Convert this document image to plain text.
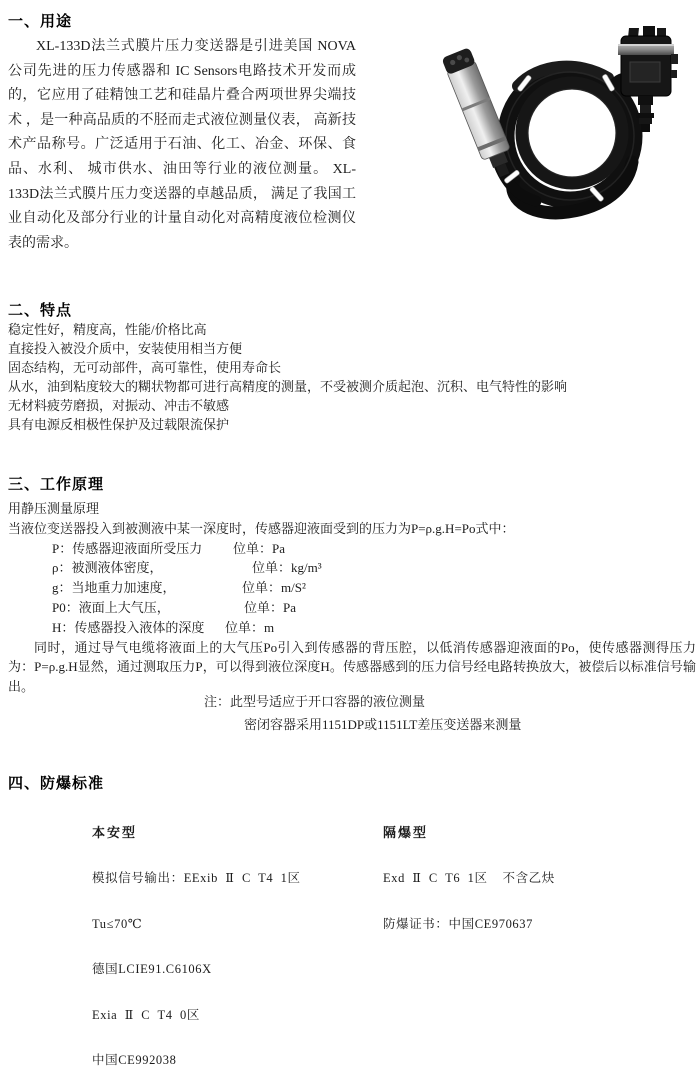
一、用途

XL-133D法兰式膜片压力变送器是引进美国 NOVA 公司先进的压力传感器和 IC Sensors电路技术开发而成的，它应用了硅精蚀工艺和硅晶片叠合两项世界尖端技术 ，是一种高品质的不胫而走式液位测量仪表， 高新技术产品称号。广泛适用于石油、化工、冶金、环保、食品、水利、 城市供水、油田等行业的液位测量。 XL-133D法兰式膜片压力变送器的卓越品质， 满足了我国工业自动化及部分行业的计量自动化对高精度液位检测仪表的需求。

二、特点
稳定性好，精度高，性能/价格比高
直接投入被没介质中，安装使用相当方便
固态结构，无可动部件，高可靠性，使用寿命长
从水，油到粘度较大的糊状物都可进行高精度的测量，不受被测介质起泡、沉积、电气特性的影响
无材料疲劳磨损，对振动、冲击不敏感
具有电源反相极性保护及过载限流保护
三、工作原理
用静压测量原理
当液位变送器投入到被测液中某一深度时，传感器迎液面受到的压力为P=ρ.g.H=Po式中：
P：传感器迎液面所受压力 位单：Pa
ρ：被测液体密度，	位单：kg/m³
g：当地重力加速度，	位单：m/S²
P0：液面上大气压，	位单：Pa
H：传感器投入液体的深度 位单：m
同时，通过导气电缆将液面上的大气压Po引入到传感器的背压腔，以低消传感器迎液面的Po，使传感器测得压力为：P=ρ.g.H显然，通过测取压力P，可以得到液位深度H。传感器感到的压力信号经电路转换放大，被偿后以标准信号输出。
注：此型号适应于开口容器的液位测量
密闭容器采用1151DP或1151LT差压变送器来测量
四、防爆标准

本安型

模拟信号输出：EExib  Ⅱ  C  T4  1区

Tu≤70℃

德国LCIE91.C6106X

Exia  Ⅱ  C  T4  0区

中国CE992038

隔爆型

Exd  Ⅱ  C  T6  1区    不含乙炔

防爆证书：中国CE970637
